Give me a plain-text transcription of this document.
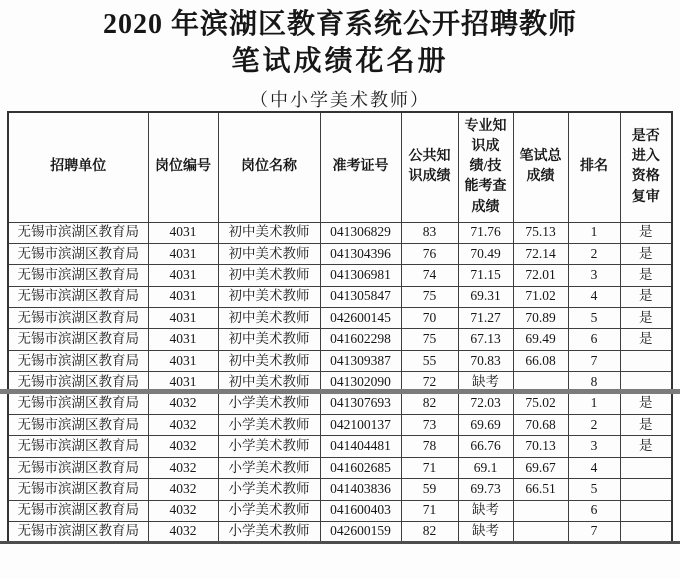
2020 年滨湖区教育系统公开招聘教师
笔试成绩花名册
（中小学美术教师）
招聘单位	岗位编号	岗位名称	准考证号	公共知识成绩	专业知识成绩/技能考查成绩	笔试总成绩	排名	是否进入资格复审
无锡市滨湖区教育局	4031	初中美术教师	041306829	83	71.76	75.13	1	是
无锡市滨湖区教育局	4031	初中美术教师	041304396	76	70.49	72.14	2	是
无锡市滨湖区教育局	4031	初中美术教师	041306981	74	71.15	72.01	3	是
无锡市滨湖区教育局	4031	初中美术教师	041305847	75	69.31	71.02	4	是
无锡市滨湖区教育局	4031	初中美术教师	042600145	70	71.27	70.89	5	是
无锡市滨湖区教育局	4031	初中美术教师	041602298	75	67.13	69.49	6	是
无锡市滨湖区教育局	4031	初中美术教师	041309387	55	70.83	66.08	7	
无锡市滨湖区教育局	4031	初中美术教师	041302090	72	缺考		8	
无锡市滨湖区教育局	4032	小学美术教师	041307693	82	72.03	75.02	1	是
无锡市滨湖区教育局	4032	小学美术教师	042100137	73	69.69	70.68	2	是
无锡市滨湖区教育局	4032	小学美术教师	041404481	78	66.76	70.13	3	是
无锡市滨湖区教育局	4032	小学美术教师	041602685	71	69.1	69.67	4	
无锡市滨湖区教育局	4032	小学美术教师	041403836	59	69.73	66.51	5	
无锡市滨湖区教育局	4032	小学美术教师	041600403	71	缺考		6	
无锡市滨湖区教育局	4032	小学美术教师	042600159	82	缺考		7	
